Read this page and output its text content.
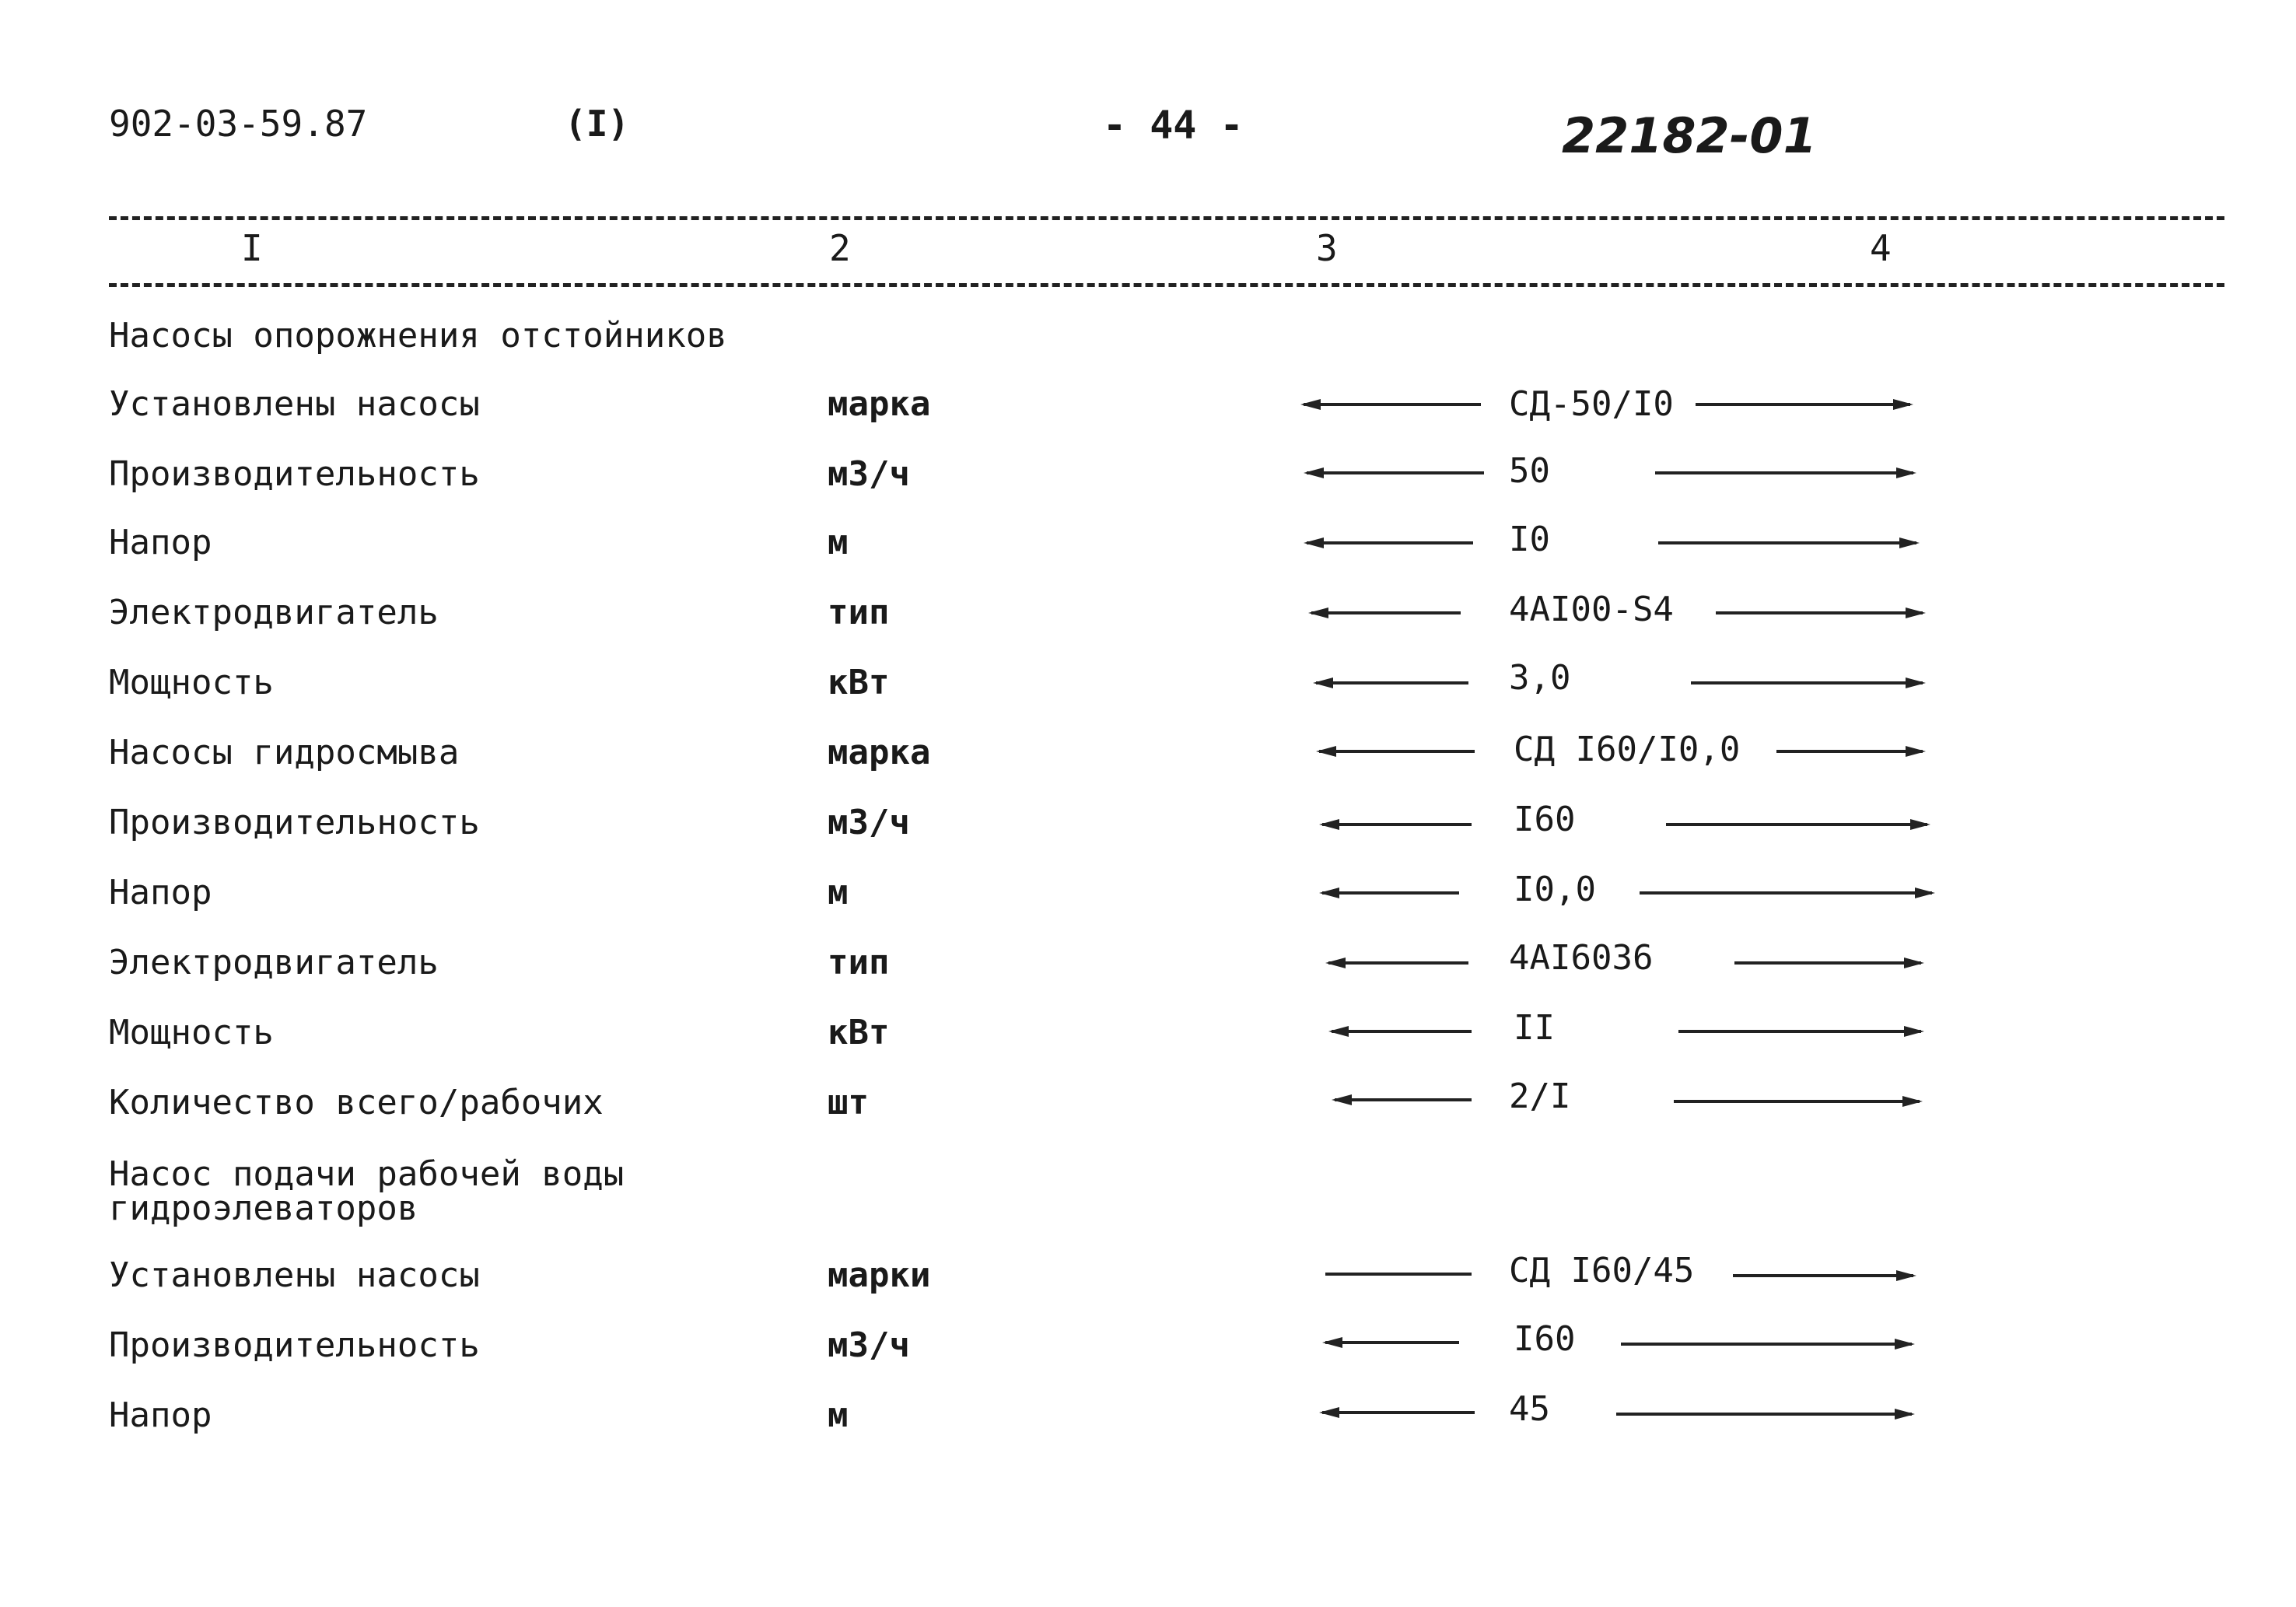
902-03-59.87	(I)	- 44 -	22182-01
I	2	3	4
Насосы опорожнения отстойников
Установлены насосы	марка	СД-50/I0
Производительность	м3/ч	50
Напор	м	I0
Электродвигатель	тип	4AI00-S4
Мощность	кВт	3,0
Насосы гидросмыва	марка	СД I60/I0,0
Производительность	м3/ч	I60
Напор	м	I0,0
Электродвигатель	тип	4AI6036
Мощность	кВт	II
Количество всего/рабочих	шт	2/I
Насос подачи рабочей воды
гидроэлеваторов
Установлены насосы	марки	СД I60/45
Производительность	м3/ч	I60
Напор	м	45
